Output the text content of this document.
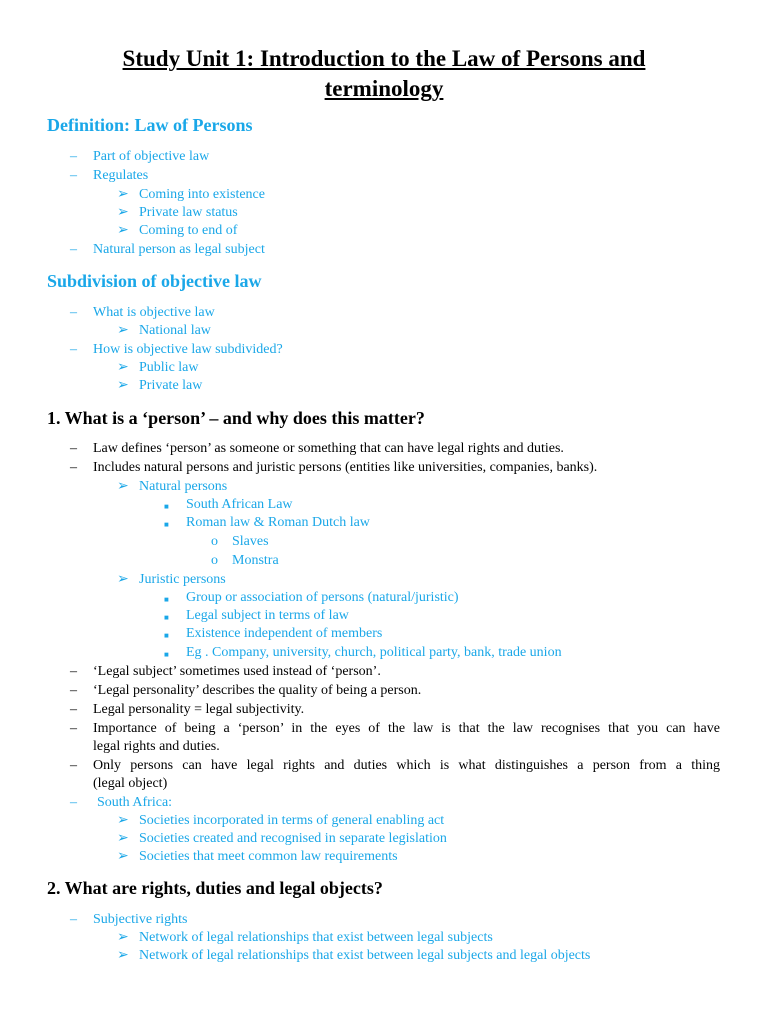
Study Unit 1: Introduction to the Law of Persons and
terminology
Definition: Law of Persons
– Part of objective law
– Regulates
➢ Coming into existence
➢ Private law status
➢ Coming to end of
– Natural person as legal subject
Subdivision of objective law
– What is objective law
➢ National law
– How is objective law subdivided?
➢ Public law
➢ Private law
1. What is a ‘person’ – and why does this matter?
– Law defines ‘person’ as someone or something that can have legal rights and duties.
– Includes natural persons and juristic persons (entities like universities, companies, banks).
➢ Natural persons
■ South African Law
■ Roman law & Roman Dutch law
o Slaves
o Monstra
➢ Juristic persons
■ Group or association of persons (natural/juristic)
■ Legal subject in terms of law
■ Existence independent of members
■ Eg . Company, university, church, political party, bank, trade union
– ‘Legal subject’ sometimes used instead of ‘person’.
– ‘Legal personality’ describes the quality of being a person.
– Legal personality = legal subjectivity.
– Importance of being a ‘person’ in the eyes of the law is that the law recognises that you can have
legal rights and duties.
– Only persons can have legal rights and duties which is what distinguishes a person from a thing
(legal object)
– South Africa:
➢ Societies incorporated in terms of general enabling act
➢ Societies created and recognised in separate legislation
➢ Societies that meet common law requirements
2. What are rights, duties and legal objects?
– Subjective rights
➢ Network of legal relationships that exist between legal subjects
➢ Network of legal relationships that exist between legal subjects and legal objects
